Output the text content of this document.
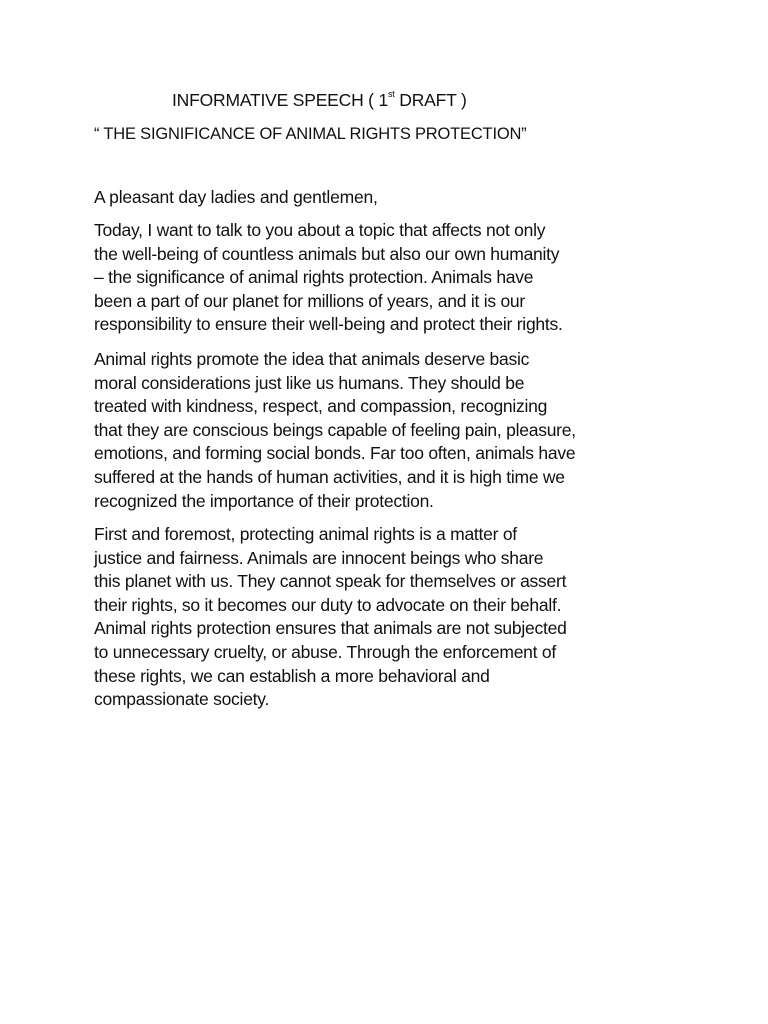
INFORMATIVE SPEECH ( 1st DRAFT )
“ THE SIGNIFICANCE OF ANIMAL RIGHTS PROTECTION”
A pleasant day ladies and gentlemen,
Today, I want to talk to you about a topic that affects not only
the well-being of countless animals but also our own humanity
– the significance of animal rights protection. Animals have
been a part of our planet for millions of years, and it is our
responsibility to ensure their well-being and protect their rights.
Animal rights promote the idea that animals deserve basic
moral considerations just like us humans. They should be
treated with kindness, respect, and compassion, recognizing
that they are conscious beings capable of feeling pain, pleasure,
emotions, and forming social bonds. Far too often, animals have
suffered at the hands of human activities, and it is high time we
recognized the importance of their protection.
First and foremost, protecting animal rights is a matter of
justice and fairness. Animals are innocent beings who share
this planet with us. They cannot speak for themselves or assert
their rights, so it becomes our duty to advocate on their behalf.
Animal rights protection ensures that animals are not subjected
to unnecessary cruelty, or abuse. Through the enforcement of
these rights, we can establish a more behavioral and
compassionate society.
